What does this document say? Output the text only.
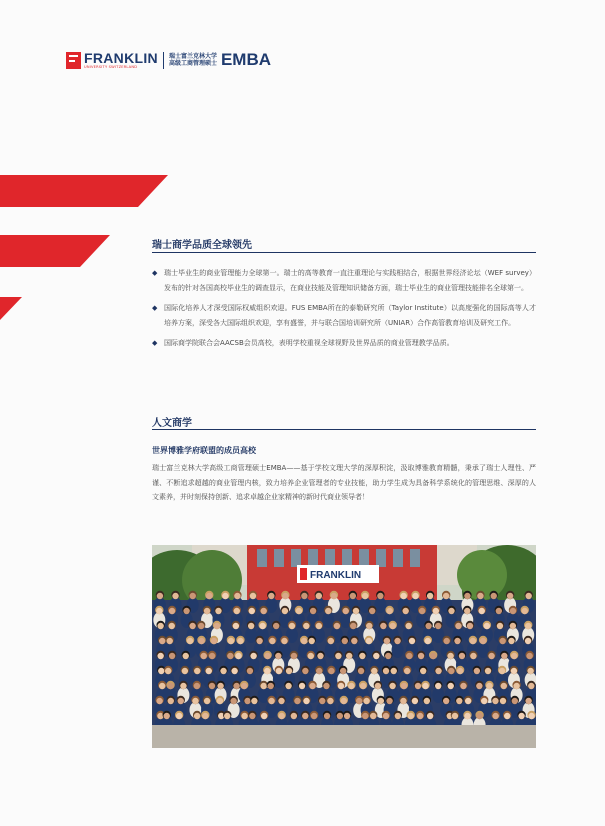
FRANKLIN
UNIVERSITY SWITZERLAND
瑞士富兰克林大学
高级工商管理硕士 EMBA
瑞士商学品质全球领先
◆ 瑞士毕业生的商业管理能力全球第一。瑞士的高等教育一直注重理论与实践相结合，根据世界经济论坛（WEF survey）发布的针对各国高校毕业生的调查显示，在商业技能及管理知识储备方面，瑞士毕业生的商业管理技能排名全球第一。
◆ 国际化培养人才深受国际权威组织欢迎。FUS EMBA所在的泰勒研究所（Taylor Institute）以高度强化的国际高等人才培养方案，深受各大国际组织欢迎，享有盛誉，并与联合国培训研究所（UNIAR）合作高管教育培训及研究工作。
◆ 国际商学院联合会AACSB会员高校，表明学校重视全球视野及世界品质的商业管理教学品质。
人文商学
世界博雅学府联盟的成员高校
瑞士富兰克林大学高级工商管理硕士EMBA——基于学校文理大学的深厚积淀，汲取博雅教育精髓，秉承了瑞士人理性、严谨、不断追求超越的商业管理内核，致力培养企业管理者的专业技能，助力学生成为具备科学系统化的管理思维、深厚的人文素养，并时刻保持创新、追求卓越企业家精神的新时代商业领导者！
FRANKLIN
